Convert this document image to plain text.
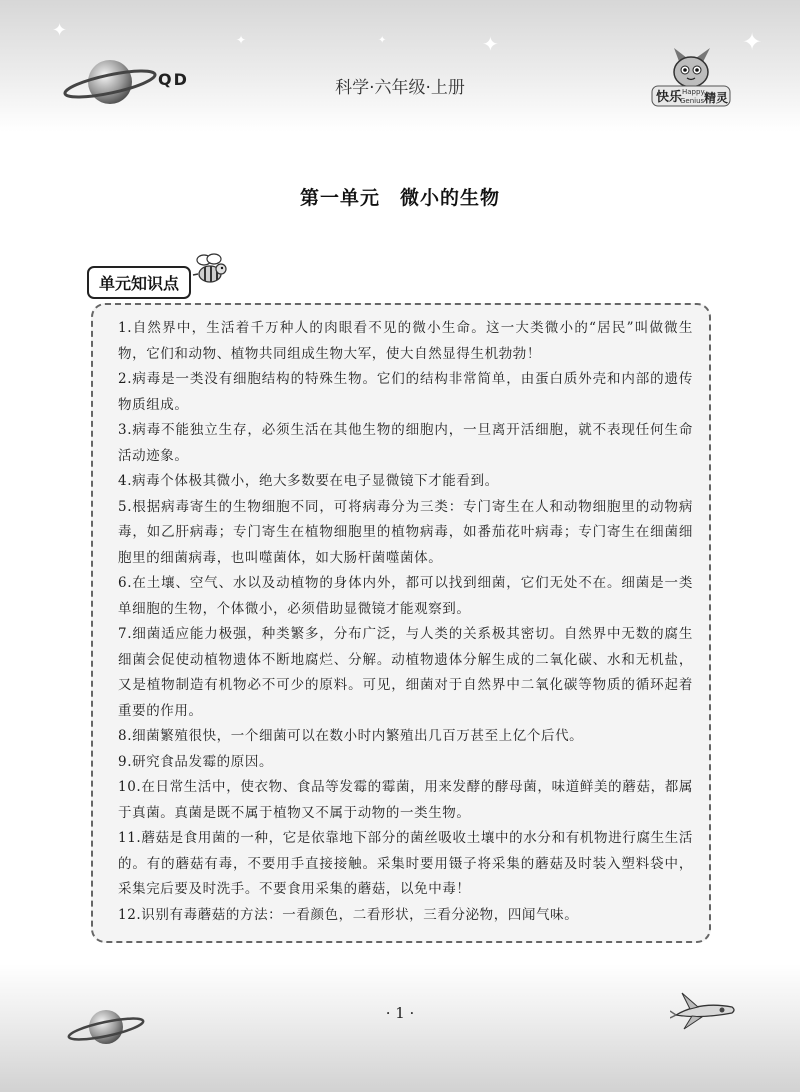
✦	✦	✦	✦	✦
QD	科学·六年级·上册	快乐 Happy
Genius 精灵
第一单元　微小的生物
单元知识点
1.自然界中，生活着千万种人的肉眼看不见的微小生命。这一大类微小的“居民”叫做微生物，它们和动物、植物共同组成生物大军，使大自然显得生机勃勃！
2.病毒是一类没有细胞结构的特殊生物。它们的结构非常简单，由蛋白质外壳和内部的遗传物质组成。
3.病毒不能独立生存，必须生活在其他生物的细胞内，一旦离开活细胞，就不表现任何生命活动迹象。
4.病毒个体极其微小，绝大多数要在电子显微镜下才能看到。
5.根据病毒寄生的生物细胞不同，可将病毒分为三类：专门寄生在人和动物细胞里的动物病毒，如乙肝病毒；专门寄生在植物细胞里的植物病毒，如番茄花叶病毒；专门寄生在细菌细胞里的细菌病毒，也叫噬菌体，如大肠杆菌噬菌体。
6.在土壤、空气、水以及动植物的身体内外，都可以找到细菌，它们无处不在。细菌是一类单细胞的生物，个体微小，必须借助显微镜才能观察到。
7.细菌适应能力极强，种类繁多，分布广泛，与人类的关系极其密切。自然界中无数的腐生细菌会促使动植物遗体不断地腐烂、分解。动植物遗体分解生成的二氧化碳、水和无机盐，又是植物制造有机物必不可少的原料。可见，细菌对于自然界中二氧化碳等物质的循环起着重要的作用。
8.细菌繁殖很快，一个细菌可以在数小时内繁殖出几百万甚至上亿个后代。
9.研究食品发霉的原因。
10.在日常生活中，使衣物、食品等发霉的霉菌，用来发酵的酵母菌，味道鲜美的蘑菇，都属于真菌。真菌是既不属于植物又不属于动物的一类生物。
11.蘑菇是食用菌的一种，它是依靠地下部分的菌丝吸收土壤中的水分和有机物进行腐生生活的。有的蘑菇有毒，不要用手直接接触。采集时要用镊子将采集的蘑菇及时装入塑料袋中，采集完后要及时洗手。不要食用采集的蘑菇，以免中毒！
12.识别有毒蘑菇的方法：一看颜色，二看形状，三看分泌物，四闻气味。
· 1 ·
